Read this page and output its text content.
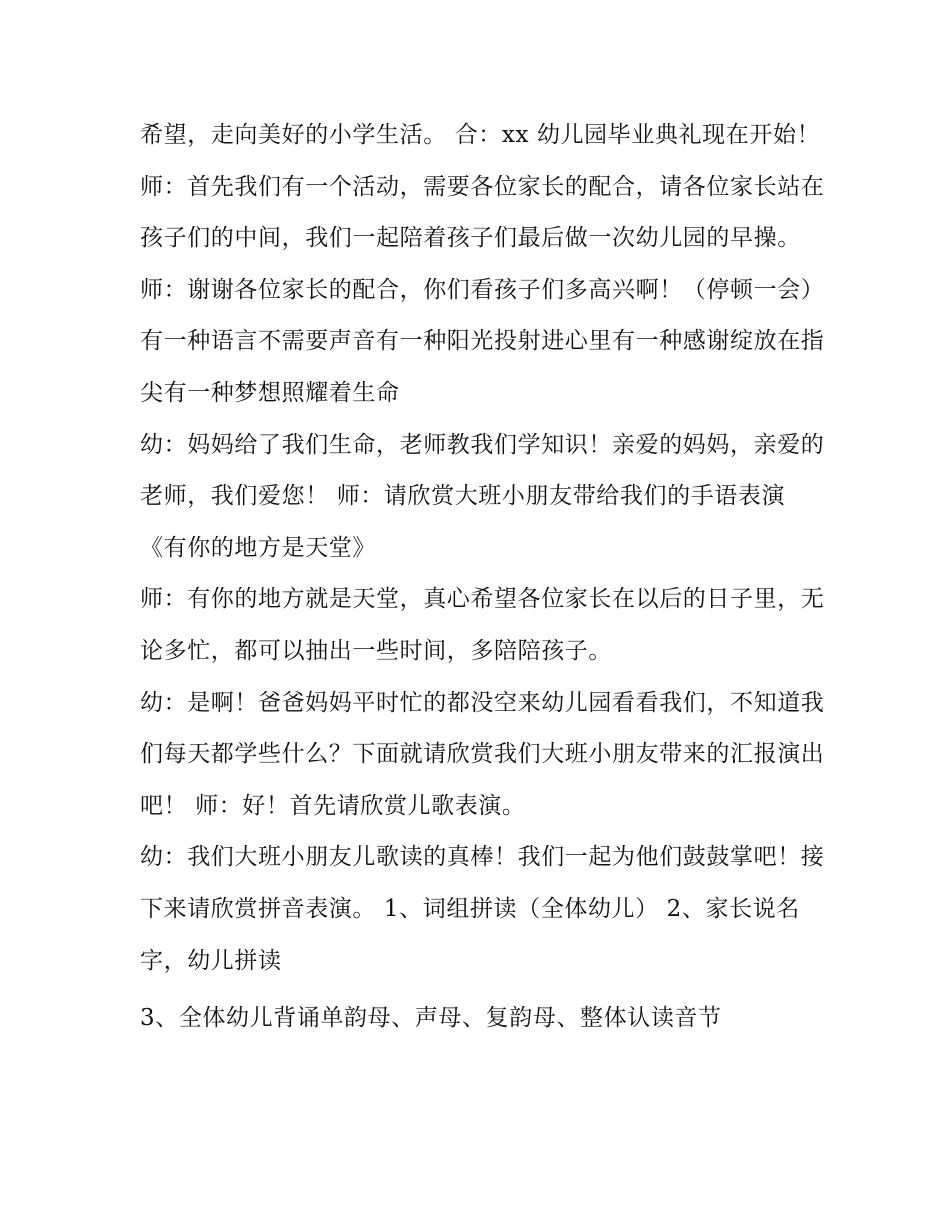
希望，走向美好的小学生活。 合：xx 幼儿园毕业典礼现在开始！

师：首先我们有一个活动，需要各位家长的配合，请各位家长站在孩子们的中间，我们一起陪着孩子们最后做一次幼儿园的早操。

师：谢谢各位家长的配合，你们看孩子们多高兴啊！（停顿一会）有一种语言不需要声音有一种阳光投射进心里有一种感谢绽放在指尖有一种梦想照耀着生命

幼：妈妈给了我们生命，老师教我们学知识！亲爱的妈妈，亲爱的老师，我们爱您！ 师：请欣赏大班小朋友带给我们的手语表演《有你的地方是天堂》

师：有你的地方就是天堂，真心希望各位家长在以后的日子里，无论多忙，都可以抽出一些时间，多陪陪孩子。

幼：是啊！爸爸妈妈平时忙的都没空来幼儿园看看我们，不知道我们每天都学些什么？下面就请欣赏我们大班小朋友带来的汇报演出吧！ 师：好！首先请欣赏儿歌表演。

幼：我们大班小朋友儿歌读的真棒！我们一起为他们鼓鼓掌吧！接下来请欣赏拼音表演。 1、词组拼读（全体幼儿） 2、家长说名字，幼儿拼读

3、全体幼儿背诵单韵母、声母、复韵母、整体认读音节
